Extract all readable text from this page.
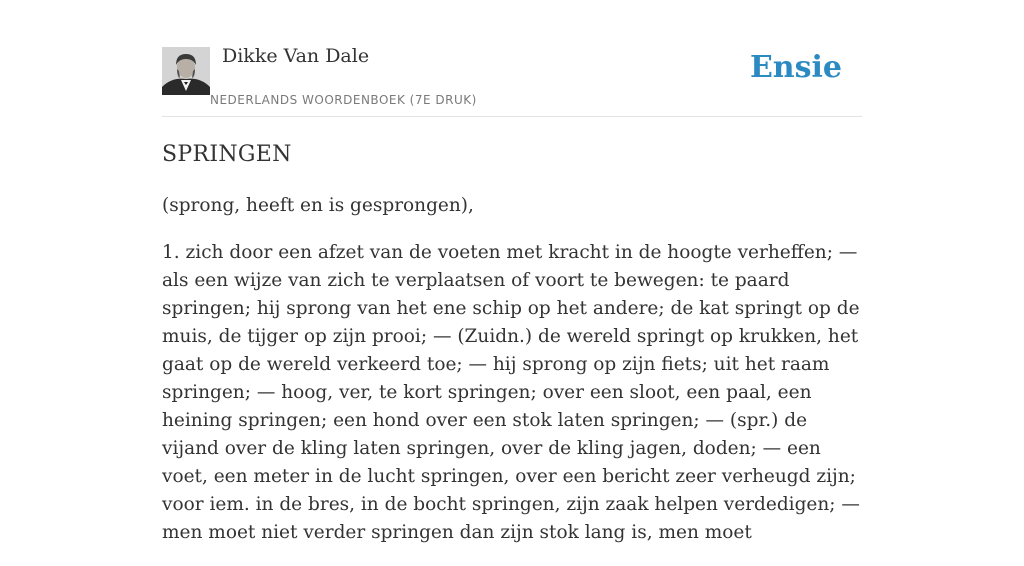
Dikke Van Dale
NEDERLANDS WOORDENBOEK (7E DRUK)
Ensie
SPRINGEN

(sprong, heeft en is gesprongen),

1. zich door een afzet van de voeten met kracht in de hoogte verheffen; — als een wijze van zich te verplaatsen of voort te bewegen: te paard springen; hij sprong van het ene schip op het andere; de kat springt op de muis, de tijger op zijn prooi; — (Zuidn.) de wereld springt op krukken, het gaat op de wereld verkeerd toe; — hij sprong op zijn fiets; uit het raam springen; — hoog, ver, te kort springen; over een sloot, een paal, een heining springen; een hond over een stok laten springen; — (spr.) de vijand over de kling laten springen, over de kling jagen, doden; — een voet, een meter in de lucht springen, over een bericht zeer verheugd zijn; voor iem. in de bres, in de bocht springen, zijn zaak helpen verdedigen; — men moet niet verder springen dan zijn stok lang is, men moet
